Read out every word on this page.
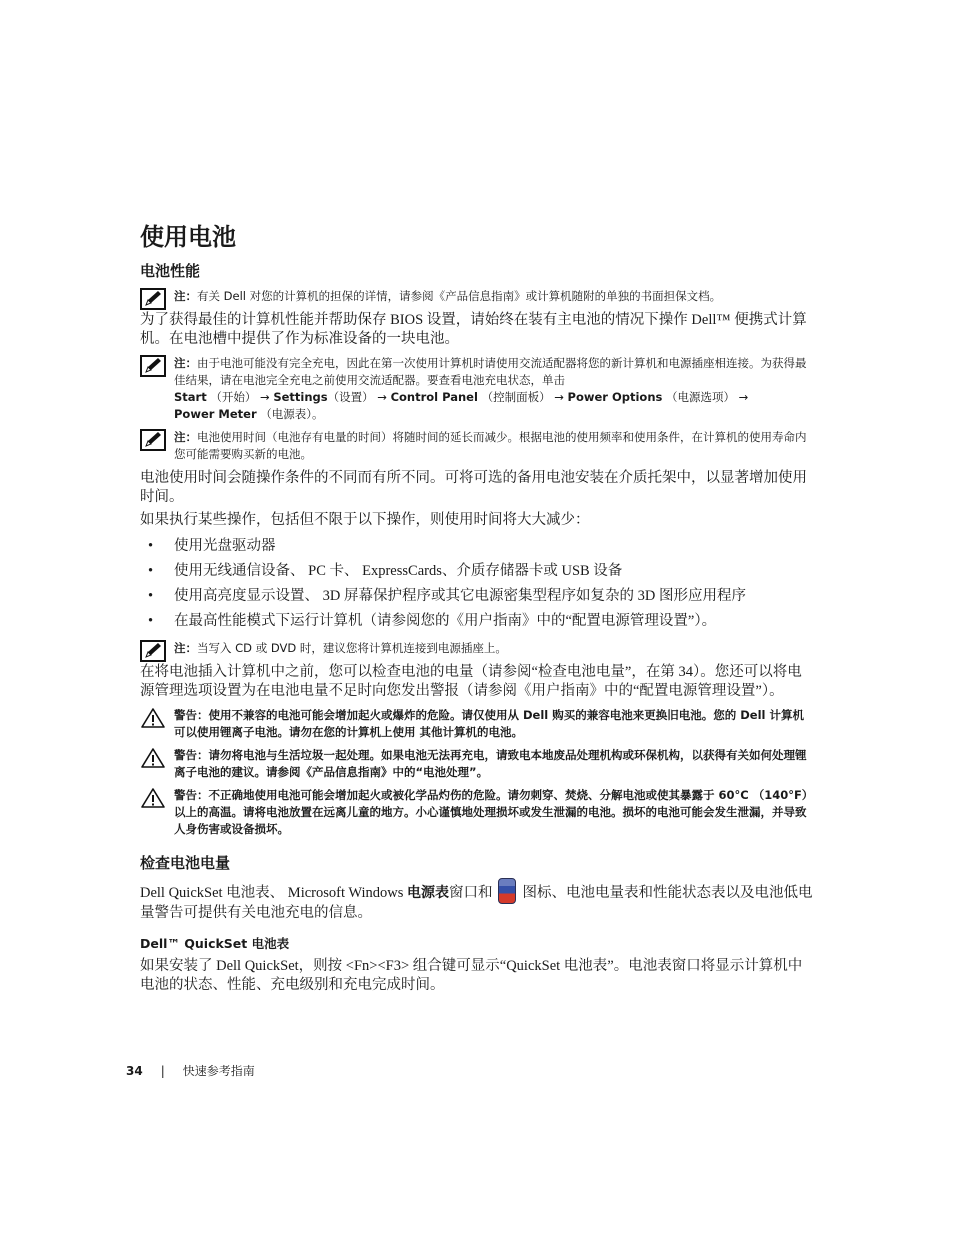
使用电池
电池性能
注：有关 Dell 对您的计算机的担保的详情，请参阅《产品信息指南》或计算机随附的单独的书面担保文档。

为了获得最佳的计算机性能并帮助保存 BIOS 设置，请始终在装有主电池的情况下操作 Dell™ 便携式计算机。在电池槽中提供了作为标准设备的一块电池。

注：由于电池可能没有完全充电，因此在第一次使用计算机时请使用交流适配器将您的新计算机和电源插座相连接。为获得最佳结果，请在电池完全充电之前使用交流适配器。要查看电池充电状态，单击
Start （开始） → Settings（设置） → Control Panel （控制面板） → Power Options （电源选项） →
Power Meter （电源表）。
注：电池使用时间（电池存有电量的时间）将随时间的延长而减少。根据电池的使用频率和使用条件，在计算机的使用寿命内您可能需要购买新的电池。

电池使用时间会随操作条件的不同而有所不同。可将可选的备用电池安装在介质托架中，以显著增加使用时间。

如果执行某些操作，包括但不限于以下操作，则使用时间将大大减少：

• 使用光盘驱动器
• 使用无线通信设备、 PC 卡、 ExpressCards、介质存储器卡或 USB 设备
• 使用高亮度显示设置、 3D 屏幕保护程序或其它电源密集型程序如复杂的 3D 图形应用程序
• 在最高性能模式下运行计算机（请参阅您的《用户指南》中的“配置电源管理设置”）。
注：当写入 CD 或 DVD 时，建议您将计算机连接到电源插座上。

在将电池插入计算机中之前，您可以检查电池的电量（请参阅“检查电池电量”，在第 34）。您还可以将电源管理选项设置为在电池电量不足时向您发出警报（请参阅《用户指南》中的“配置电源管理设置”）。

警告：使用不兼容的电池可能会增加起火或爆炸的危险。请仅使用从 Dell 购买的兼容电池来更换旧电池。您的 Dell 计算机可以使用锂离子电池。请勿在您的计算机上使用 其他计算机的电池。
警告：请勿将电池与生活垃圾一起处理。如果电池无法再充电，请致电本地废品处理机构或环保机构，以获得有关如何处理锂离子电池的建议。请参阅《产品信息指南》中的“电池处理”。
警告：不正确地使用电池可能会增加起火或被化学品灼伤的危险。请勿刺穿、焚烧、分解电池或使其暴露于 60°C （140°F）以上的高温。请将电池放置在远离儿童的地方。小心谨慎地处理损坏或发生泄漏的电池。损坏的电池可能会发生泄漏，并导致人身伤害或设备损坏。
检查电池电量

Dell QuickSet 电池表、 Microsoft Windows 电源表窗口和 图标、电池电量表和性能状态表以及电池低电量警告可提供有关电池充电的信息。

Dell™ QuickSet 电池表

如果安装了 Dell QuickSet，则按 <Fn><F3> 组合键可显示“QuickSet 电池表”。电池表窗口将显示计算机中电池的状态、性能、充电级别和充电完成时间。

34 | 快速参考指南
